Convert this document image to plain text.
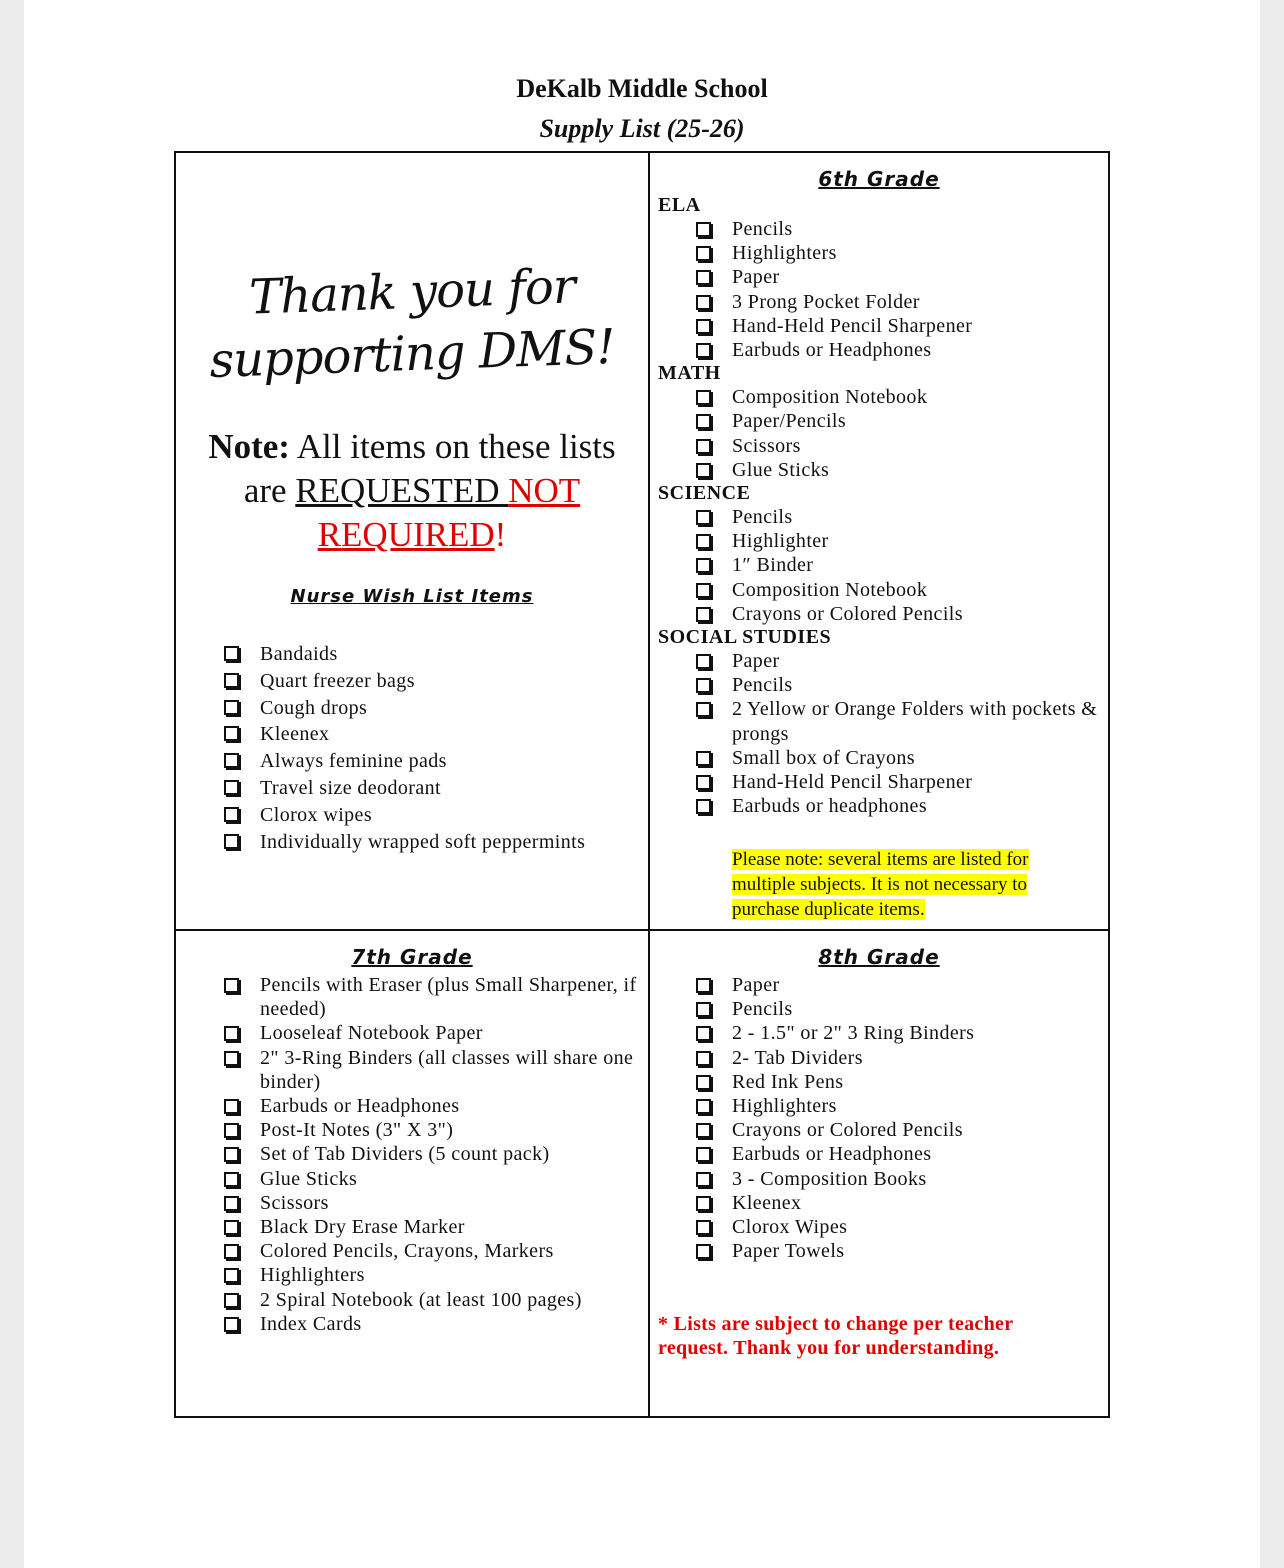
DeKalb Middle School
Supply List (25-26)
Thank you for
supporting DMS!
Note: All items on these lists
are REQUESTED NOT
REQUIRED!
Nurse Wish List Items
Bandaids
Quart freezer bags
Cough drops
Kleenex
Always feminine pads
Travel size deodorant
Clorox wipes
Individually wrapped soft peppermints
6th Grade
ELA
Pencils
Highlighters
Paper
3 Prong Pocket Folder
Hand-Held Pencil Sharpener
Earbuds or Headphones
MATH
Composition Notebook
Paper/Pencils
Scissors
Glue Sticks
SCIENCE
Pencils
Highlighter
1″ Binder
Composition Notebook
Crayons or Colored Pencils
SOCIAL STUDIES
Paper
Pencils
2 Yellow or Orange Folders with pockets & prongs
Small box of Crayons
Hand-Held Pencil Sharpener
Earbuds or headphones
Please note: several items are listed for multiple subjects. It is not necessary to purchase duplicate items.
7th Grade
Pencils with Eraser (plus Small Sharpener, if needed)
Looseleaf Notebook Paper
2" 3-Ring Binders (all classes will share one binder)
Earbuds or Headphones
Post-It Notes (3" X 3")
Set of Tab Dividers (5 count pack)
Glue Sticks
Scissors
Black Dry Erase Marker
Colored Pencils, Crayons, Markers
Highlighters
2 Spiral Notebook (at least 100 pages)
Index Cards
8th Grade
Paper
Pencils
2 - 1.5" or 2" 3 Ring Binders
2- Tab Dividers
Red Ink Pens
Highlighters
Crayons or Colored Pencils
Earbuds or Headphones
3 - Composition Books
Kleenex
Clorox Wipes
Paper Towels
* Lists are subject to change per teacher request. Thank you for understanding.
